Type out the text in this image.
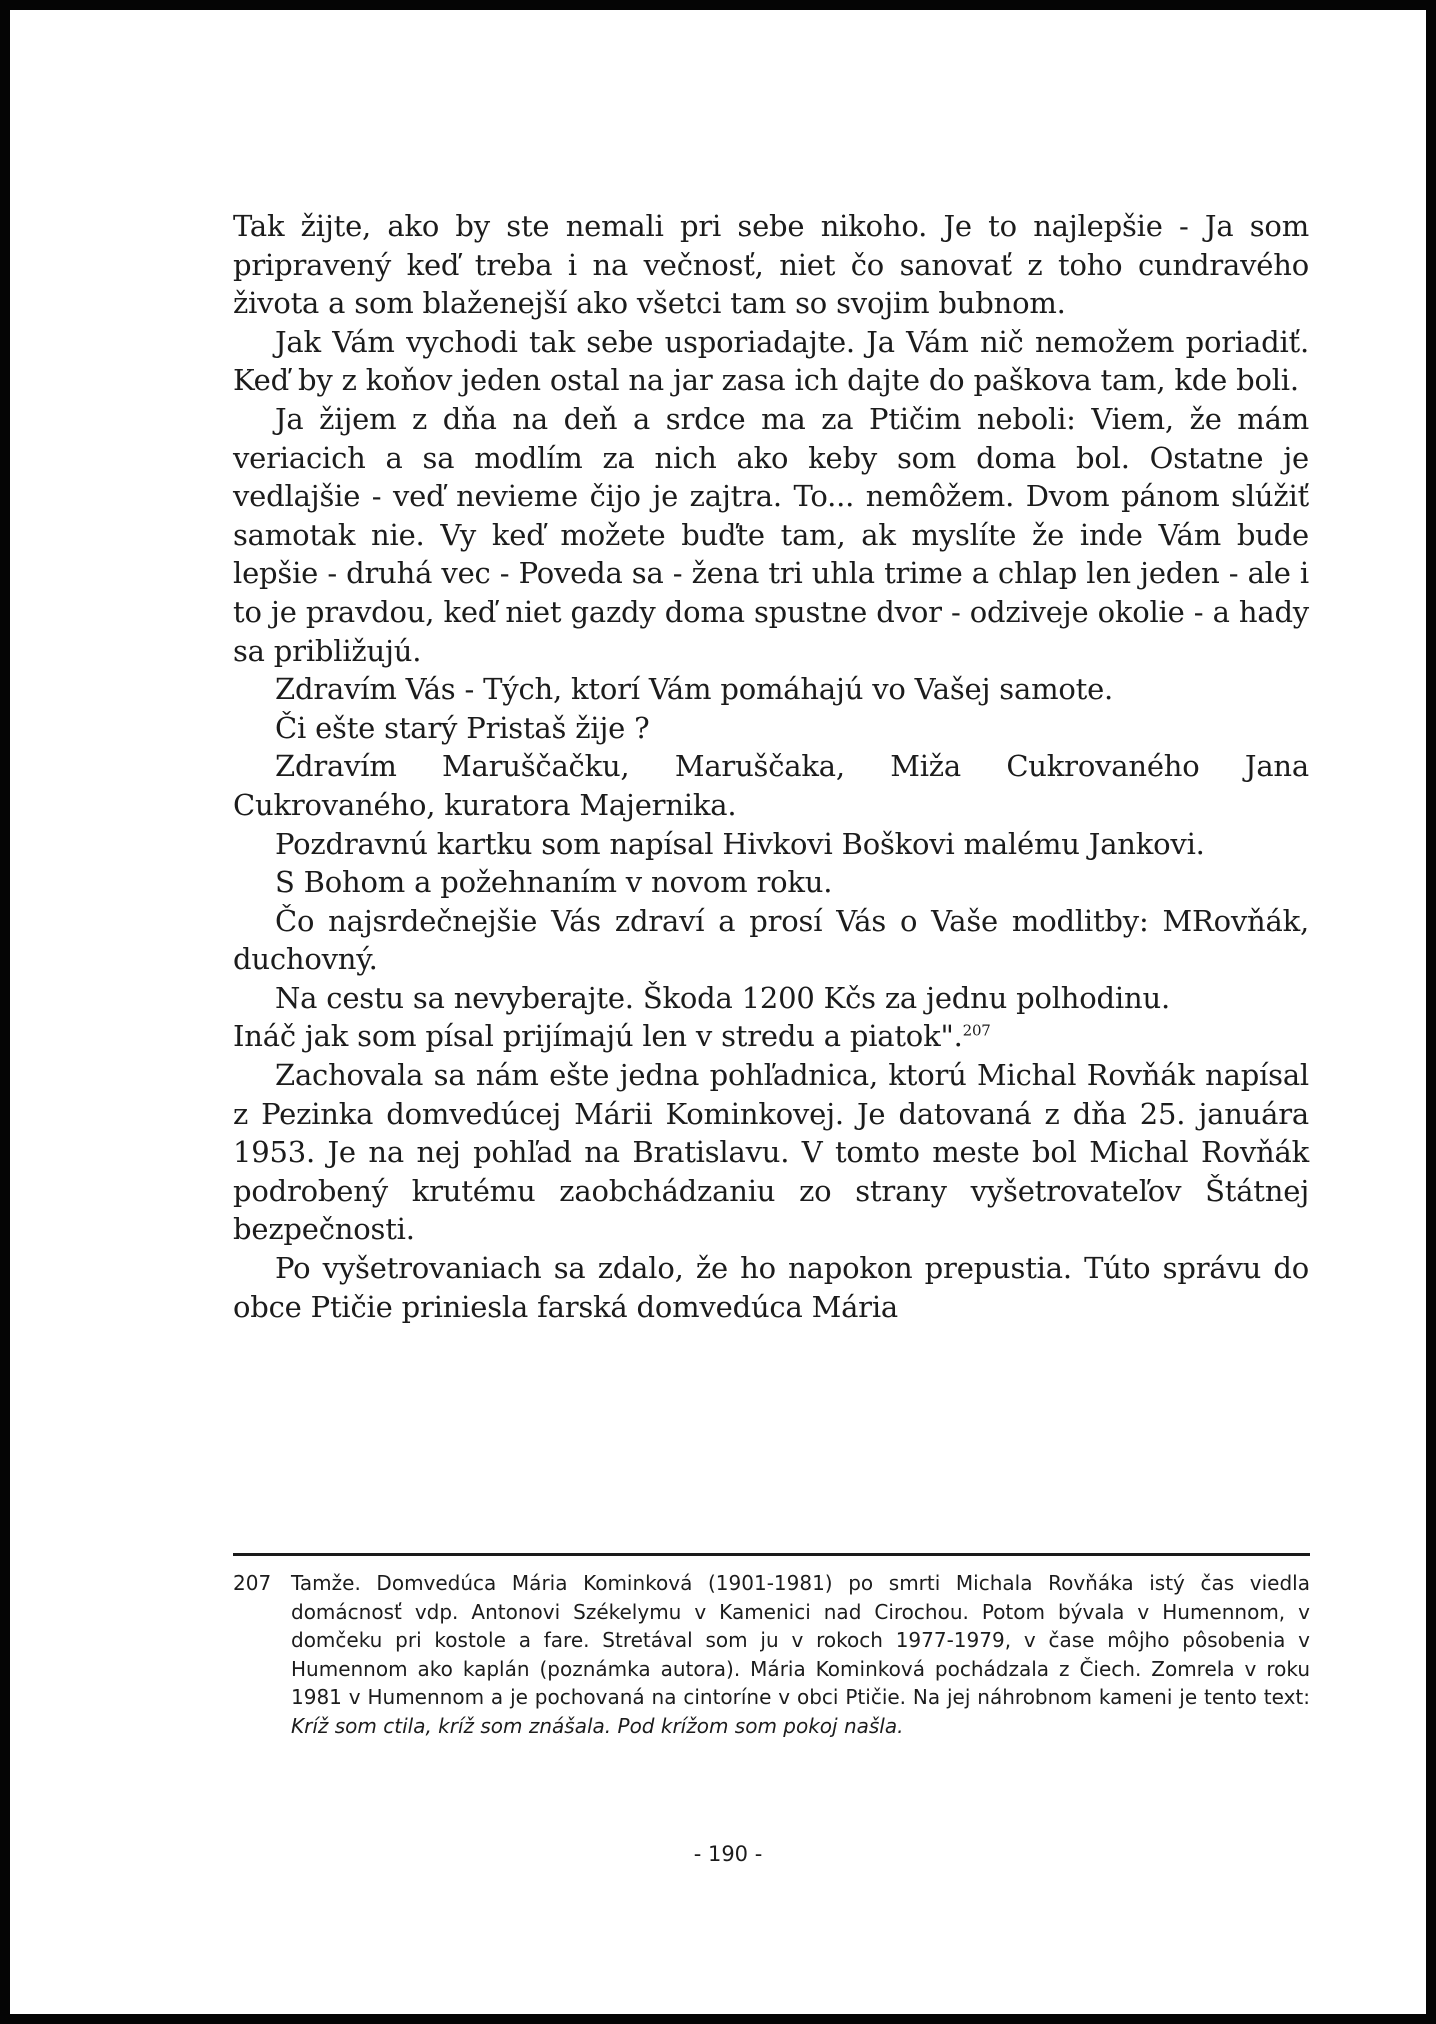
Tak žijte, ako by ste nemali pri sebe nikoho. Je to najlepšie - Ja som pripravený keď treba i na večnosť, niet čo sanovať z toho cundravého života a som blaženejší ako všetci tam so svojim bubnom.

Jak Vám vychodi tak sebe usporiadajte. Ja Vám nič nemožem poriadiť. Keď by z koňov jeden ostal na jar zasa ich dajte do paškova tam, kde boli.

Ja žijem z dňa na deň a srdce ma za Ptičim neboli: Viem, že mám veriacich a sa modlím za nich ako keby som doma bol. Ostatne je vedlajšie - veď nevieme čijo je zajtra. To... nemôžem. Dvom pánom slúžiť samotak nie. Vy keď možete buďte tam, ak myslíte že inde Vám bude lepšie - druhá vec - Poveda sa - žena tri uhla trime a chlap len jeden - ale i to je pravdou, keď niet gazdy doma spustne dvor - odziveje okolie - a hady sa približujú.

Zdravím Vás - Tých, ktorí Vám pomáhajú vo Vašej samote.

Či ešte starý Pristaš žije ?

Zdravím Maruščačku, Maruščaka, Miža Cukrovaného Jana Cukrovaného, kuratora Majernika.

Pozdravnú kartku som napísal Hivkovi Boškovi malému Jankovi.

S Bohom a požehnaním v novom roku.

Čo najsrdečnejšie Vás zdraví a prosí Vás o Vaše modlitby: MRovňák, duchovný.

Na cestu sa nevyberajte. Škoda 1200 Kčs za jednu polhodinu.

Ináč jak som písal prijímajú len v stredu a piatok".$^{207}$

Zachovala sa nám ešte jedna pohľadnica, ktorú Michal Rovňák napísal z Pezinka domvedúcej Márii Kominkovej. Je datovaná z dňa 25. januára 1953. Je na nej pohľad na Bratislavu. V tomto meste bol Michal Rovňák podrobený krutému zaobchádzaniu zo strany vyšetrovateľov Štátnej bezpečnosti.

Po vyšetrovaniach sa zdalo, že ho napokon prepustia. Túto správu do obce Ptičie priniesla farská domvedúca Mária

207 Tamže. Domvedúca Mária Kominková (1901-1981) po smrti Michala Rovňáka istý čas viedla domácnosť vdp. Antonovi Székelymu v Kamenici nad Cirochou. Potom bývala v Humennom, v domčeku pri kostole a fare. Stretával som ju v rokoch 1977-1979, v čase môjho pôsobenia v Humennom ako kaplán (poznámka autora). Mária Kominková pochádzala z Čiech. Zomrela v roku 1981 v Humennom a je pochovaná na cintoríne v obci Ptičie. Na jej náhrobnom kameni je tento text: Kríž som ctila, kríž som znášala. Pod krížom som pokoj našla.
- 190 -
